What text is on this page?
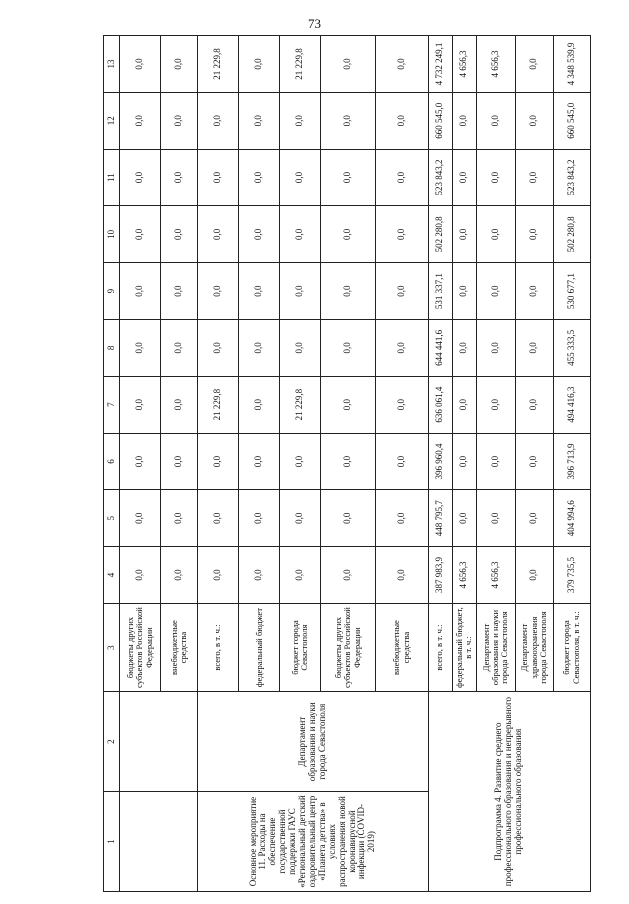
73
1	2	3	4	5	6	7	8	9	10	11	12	13
		бюджеты других субъектов Российской Федерации	0,0	0,0	0,0	0,0	0,0	0,0	0,0	0,0	0,0	0,0
		внебюджетные средства	0,0	0,0	0,0	0,0	0,0	0,0	0,0	0,0	0,0	0,0
Основное мероприятие 11. Расходы на обеспечение государственной поддержки ГАУС «Региональный детский оздоровительный центр «Планета детства» в условиях распространения новой коронавирусной инфекции (COVID-2019)	Департамент образования и науки города Севастополя	всего, в т. ч.:	0,0	0,0	0,0	21 229,8	0,0	0,0	0,0	0,0	0,0	21 229,8
		федеральный бюджет	0,0	0,0	0,0	0,0	0,0	0,0	0,0	0,0	0,0	0,0
		бюджет города Севастополя	0,0	0,0	0,0	21 229,8	0,0	0,0	0,0	0,0	0,0	21 229,8
		бюджеты других субъектов Российской Федерации	0,0	0,0	0,0	0,0	0,0	0,0	0,0	0,0	0,0	0,0
		внебюджетные средства	0,0	0,0	0,0	0,0	0,0	0,0	0,0	0,0	0,0	0,0
Подпрограмма 4. Развитие среднего профессионального образования и непрерывного профессионального образования		всего, в т. ч.:	387 983,9	448 795,7	396 960,4	636 061,4	644 441,6	531 337,1	502 280,8	523 843,2	660 545,0	4 732 249,1
		федеральный бюджет, в т. ч.:	4 656,3	0,0	0,0	0,0	0,0	0,0	0,0	0,0	0,0	4 656,3
		Департамент образования и науки города Севастополя	4 656,3	0,0	0,0	0,0	0,0	0,0	0,0	0,0	0,0	4 656,3
		Департамент здравоохранения города Севастополя	0,0	0,0	0,0	0,0	0,0	0,0	0,0	0,0	0,0	0,0
		бюджет города Севастополя, в т. ч.:	379 735,5	404 994,6	396 713,9	494 416,3	455 333,5	530 677,1	502 280,8	523 843,2	660 545,0	4 348 539,9
